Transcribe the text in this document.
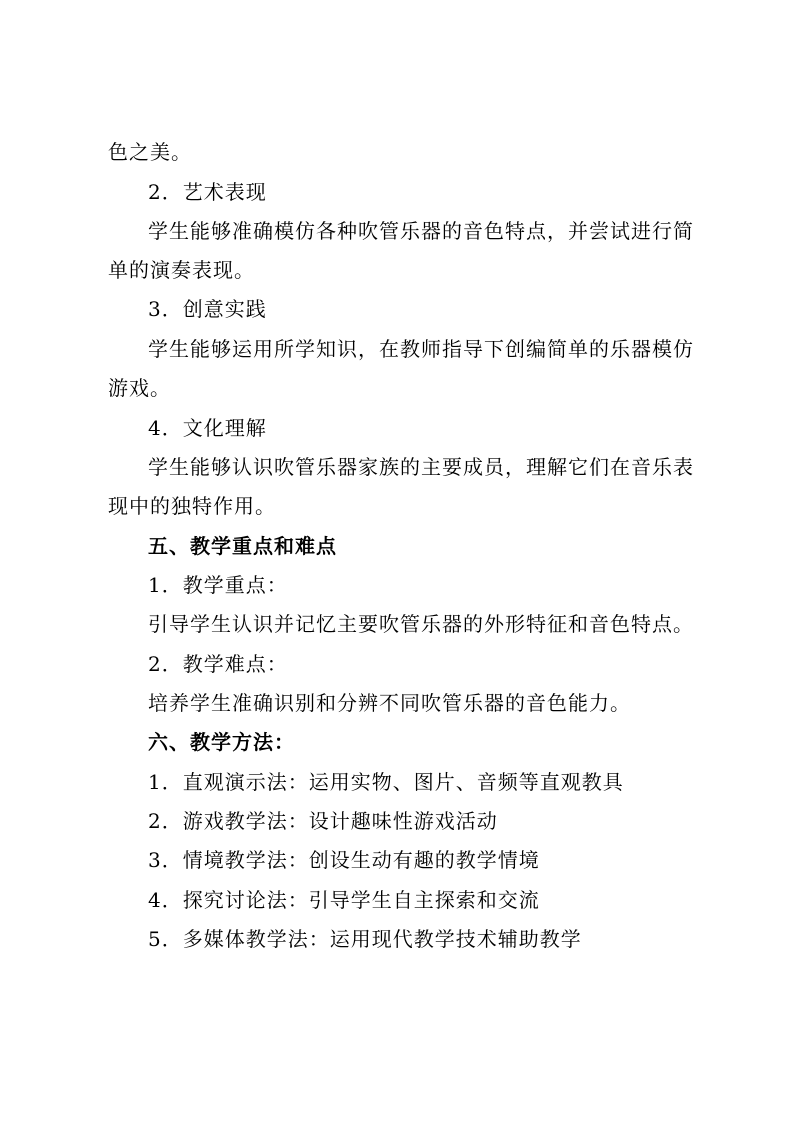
色之美。
2．艺术表现
学生能够准确模仿各种吹管乐器的音色特点，并尝试进行简
单的演奏表现。
3．创意实践
学生能够运用所学知识，在教师指导下创编简单的乐器模仿
游戏。
4．文化理解
学生能够认识吹管乐器家族的主要成员，理解它们在音乐表
现中的独特作用。
五、教学重点和难点
1．教学重点：
引导学生认识并记忆主要吹管乐器的外形特征和音色特点。
2．教学难点：
培养学生准确识别和分辨不同吹管乐器的音色能力。
六、教学方法：
1．直观演示法：运用实物、图片、音频等直观教具
2．游戏教学法：设计趣味性游戏活动
3．情境教学法：创设生动有趣的教学情境
4．探究讨论法：引导学生自主探索和交流
5．多媒体教学法：运用现代教学技术辅助教学
